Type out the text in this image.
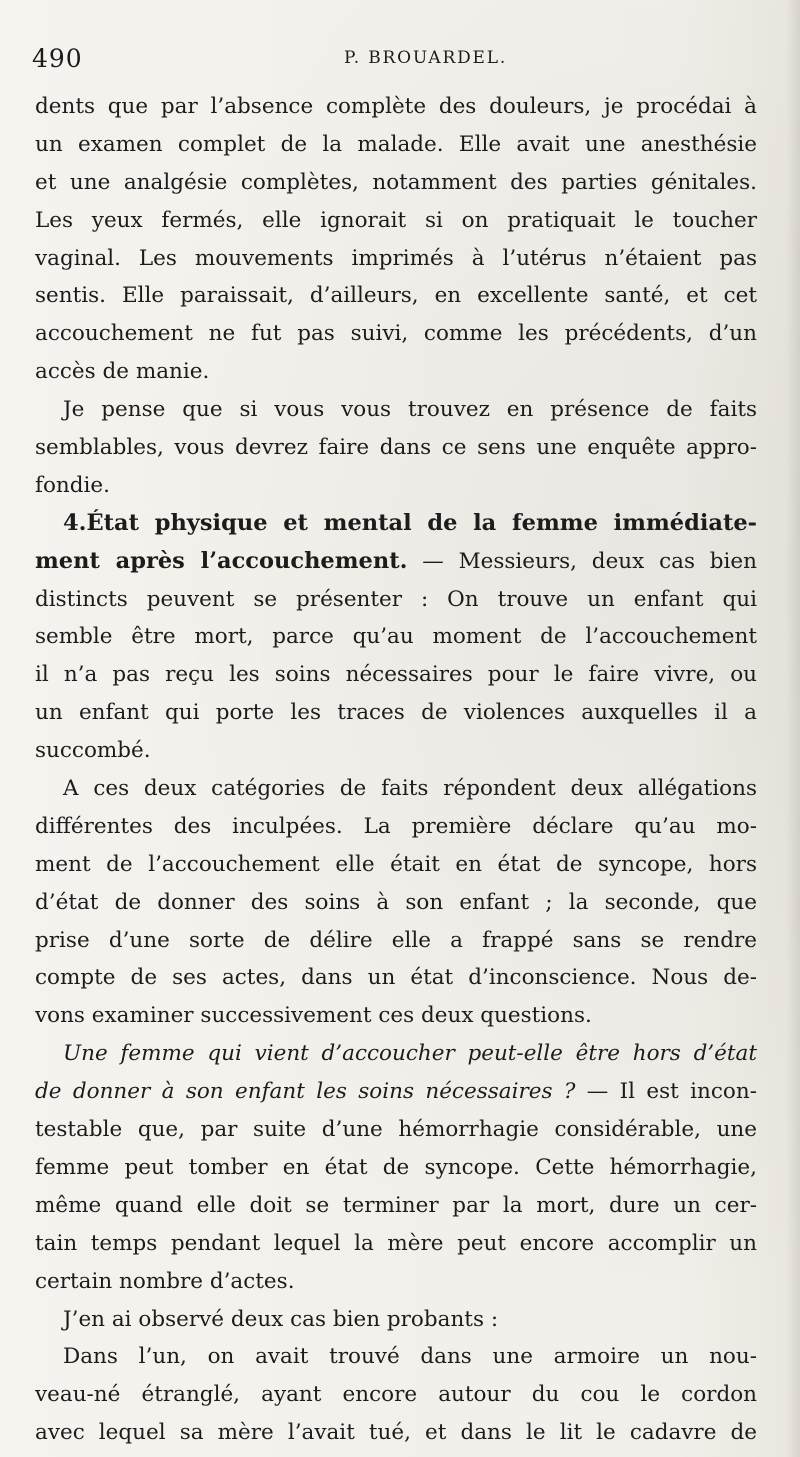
490	P. BROUARDEL.
dents que par l’absence complète des douleurs, je procédai à
un examen complet de la malade. Elle avait une anesthésie
et une analgésie complètes, notamment des parties génitales.
Les yeux fermés, elle ignorait si on pratiquait le toucher
vaginal. Les mouvements imprimés à l’utérus n’étaient pas
sentis. Elle paraissait, d’ailleurs, en excellente santé, et cet
accouchement ne fut pas suivi, comme les précédents, d’un
accès de manie.
Je pense que si vous vous trouvez en présence de faits
semblables, vous devrez faire dans ce sens une enquête appro-
fondie.
4.État physique et mental de la femme immédiate-
ment après l’accouchement. — Messieurs, deux cas bien
distincts peuvent se présenter : On trouve un enfant qui
semble être mort, parce qu’au moment de l’accouchement
il n’a pas reçu les soins nécessaires pour le faire vivre, ou
un enfant qui porte les traces de violences auxquelles il a
succombé.
A ces deux catégories de faits répondent deux allégations
différentes des inculpées. La première déclare qu’au mo-
ment de l’accouchement elle était en état de syncope, hors
d’état de donner des soins à son enfant ; la seconde, que
prise d’une sorte de délire elle a frappé sans se rendre
compte de ses actes, dans un état d’inconscience. Nous de-
vons examiner successivement ces deux questions.
Une femme qui vient d’accoucher peut-elle être hors d’état
de donner à son enfant les soins nécessaires ? — Il est incon-
testable que, par suite d’une hémorrhagie considérable, une
femme peut tomber en état de syncope. Cette hémorrhagie,
même quand elle doit se terminer par la mort, dure un cer-
tain temps pendant lequel la mère peut encore accomplir un
certain nombre d’actes.
J’en ai observé deux cas bien probants :
Dans l’un, on avait trouvé dans une armoire un nou-
veau-né étranglé, ayant encore autour du cou le cordon
avec lequel sa mère l’avait tué, et dans le lit le cadavre de
